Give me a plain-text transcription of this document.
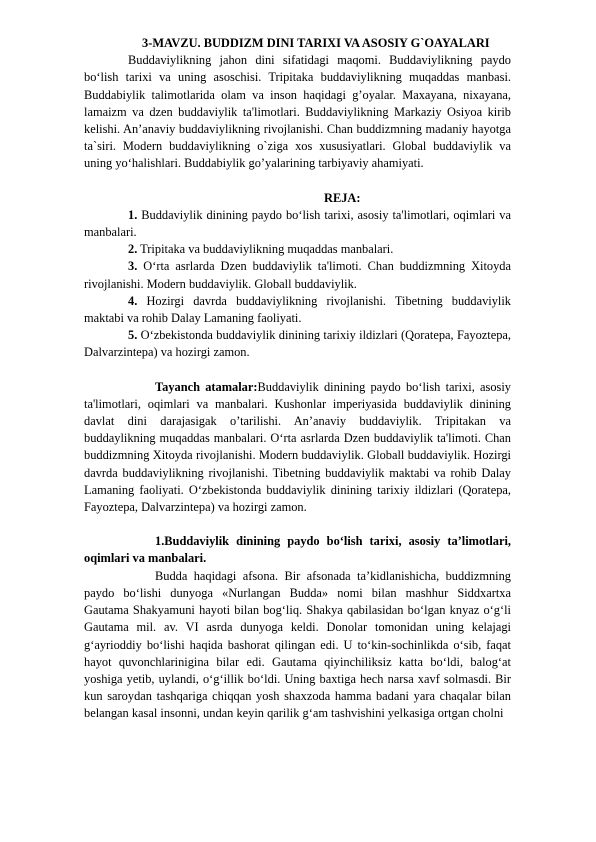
3-MAVZU. BUDDIZM DINI TARIXI VA ASOSIY G`OAYALARI

Buddaviylikning jahon dini sifatidagi maqomi. Buddaviylikning paydo bo‘lish tarixi va uning asoschisi. Tripitaka buddaviylikning muqaddas manbasi. Buddabiylik talimotlarida olam va inson haqidagi g’oyalar. Maxayana, nixayana, lamaizm va dzen buddaviylik ta'limotlari. Buddaviylikning Markaziy Osiyoa kirib kelishi. An’anaviy buddaviylikning rivojlanishi. Chan buddizmning madaniy hayotga ta`siri. Modern buddaviylikning o`ziga xos xususiyatlari. Global buddaviylik va uning yo‘halishlari. Buddabiylik go’yalarining tarbiyaviy ahamiyati.

REJA:

1. Buddaviylik dinining paydo bo‘lish tarixi, asosiy ta'limotlari, oqimlari va manbalari.

2. Tripitaka va buddaviylikning muqaddas manbalari.

3. O‘rta asrlarda Dzen buddaviylik ta'limoti. Chan buddizmning Xitoyda rivojlanishi. Modern buddaviylik. Globall buddaviylik.

4. Hozirgi davrda buddaviylikning rivojlanishi. Tibetning buddaviylik maktabi va rohib Dalay Lamaning faoliyati.

5. O‘zbekistonda buddaviylik dinining tarixiy ildizlari (Qoratepa, Fayoztepa, Dalvarzintepa) va hozirgi zamon.

Tayanch atamalar:Buddaviylik dinining paydo bo‘lish tarixi, asosiy ta'limotlari, oqimlari va manbalari. Kushonlar imperiyasida buddaviylik dinining davlat dini darajasigak o’tarilishi. An’anaviy buddaviylik. Tripitakan va buddaylikning muqaddas manbalari. O‘rta asrlarda Dzen buddaviylik ta'limoti. Chan buddizmning Xitoyda rivojlanishi. Modern buddaviylik. Globall buddaviylik. Hozirgi davrda buddaviylikning rivojlanishi. Tibetning buddaviylik maktabi va rohib Dalay Lamaning faoliyati. O‘zbekistonda buddaviylik dinining tarixiy ildizlari (Qoratepa, Fayoztepa, Dalvarzintepa) va hozirgi zamon.

1.Buddaviylik dinining paydo bo‘lish tarixi, asosiy ta’limotlari, oqimlari va manbalari.

Budda haqidagi afsona. Bir afsonada ta’kidlanishicha, buddizmning paydo bo‘lishi dunyoga «Nurlangan Budda» nomi bilan mashhur Siddxartxa Gautama Shakyamuni hayoti bilan bog‘liq. Shakya qabilasidan bo‘lgan knyaz o‘g‘li Gautama mil. av. VI asrda dunyoga keldi. Donolar tomonidan uning kelajagi g‘ayrioddiy bo‘lishi haqida bashorat qilingan edi. U to‘kin-sochinlikda o‘sib, faqat hayot quvonchlarinigina bilar edi. Gautama qiyinchiliksiz katta bo‘ldi, balog‘at yoshiga yetib, uylandi, o‘g‘illik bo‘ldi. Uning baxtiga hech narsa xavf solmasdi. Bir kun saroydan tashqariga chiqqan yosh shaxzoda hamma badani yara chaqalar bilan belangan kasal insonni, undan keyin qarilik g‘am tashvishini yelkasiga ortgan cholni
